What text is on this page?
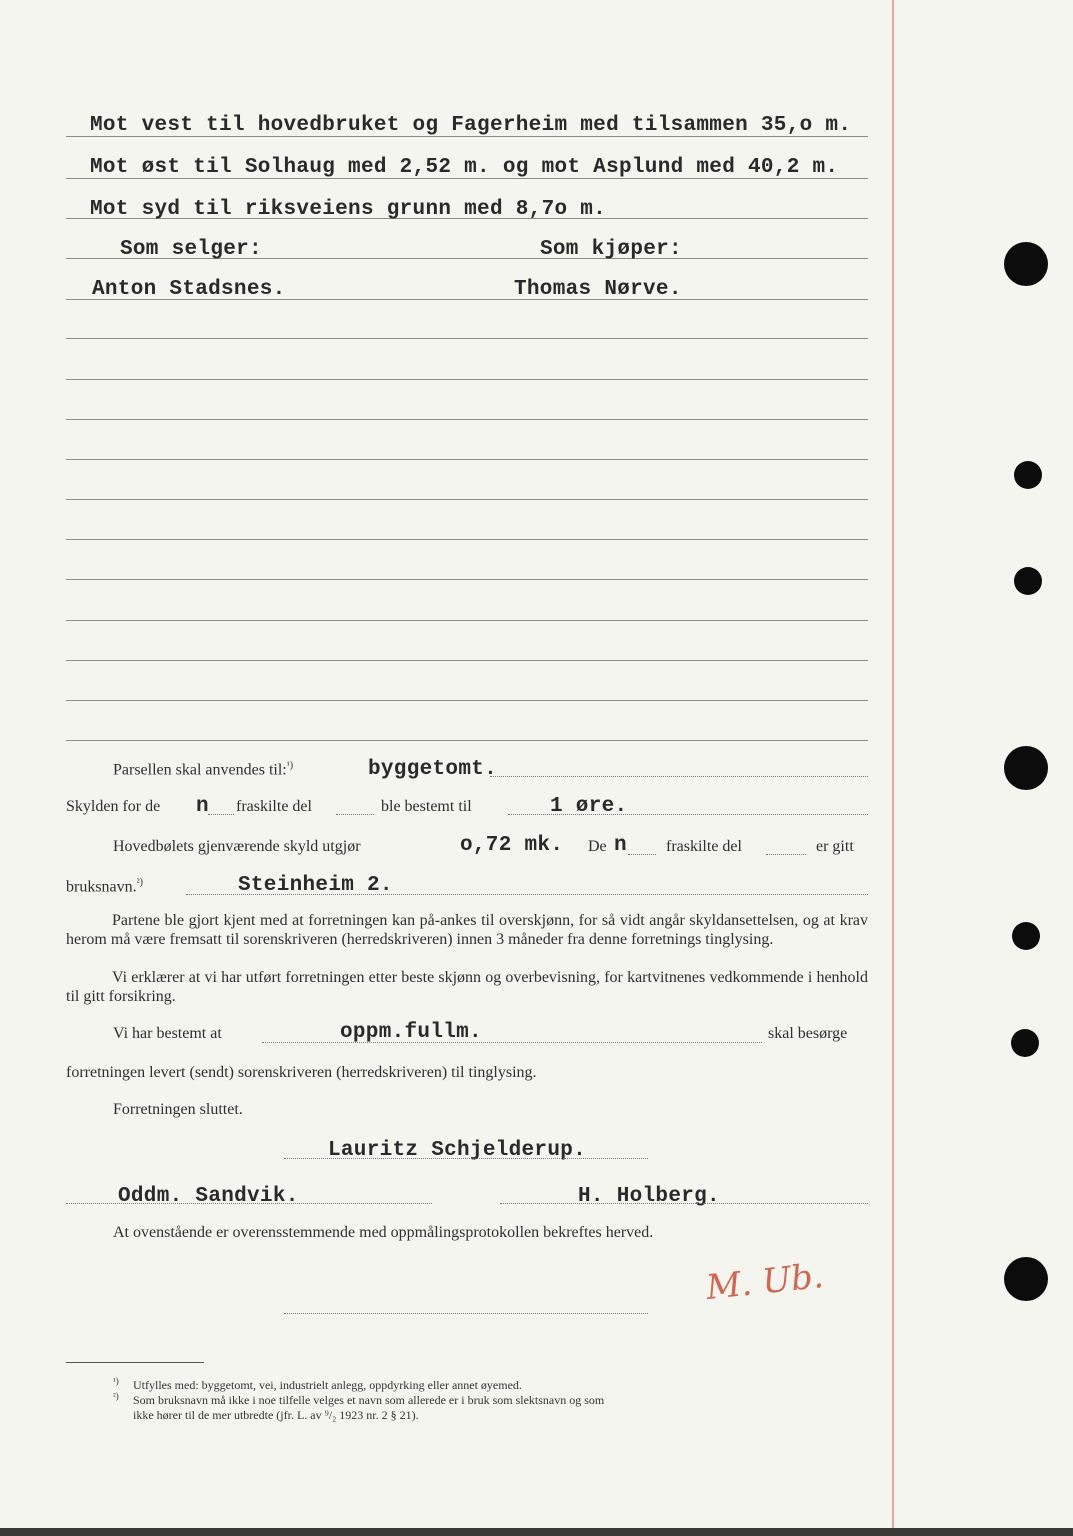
Mot vest til hovedbruket og Fagerheim med tilsammen 35,o m.
Mot øst til Solhaug med 2,52 m. og mot Asplund med 40,2 m.
Mot syd til riksveiens grunn med 8,7o m.
Som selger:	Som kjøper:
Anton Stadsnes.	Thomas Nørve.
Parsellen skal anvendes til:$^{^1)}$	byggetomt.
Skylden for de n fraskilte del	ble bestemt til	1 øre.
Hovedbølets gjenværende skyld utgjør	o,72 mk. De n fraskilte del	er gitt
bruksnavn.$^{^2)}$	Steinheim 2.
Partene ble gjort kjent med at forretningen kan på-ankes til overskjønn, for så vidt angår skyldansettelsen, og at krav herom må være fremsatt til sorenskriveren (herredskriveren) innen 3 måneder fra denne forretnings tinglysing.
Vi erklærer at vi har utført forretningen etter beste skjønn og overbevisning, for kartvitnenes vedkommende i henhold til gitt forsikring.
Vi har bestemt at	oppm.fullm.	skal besørge
forretningen levert (sendt) sorenskriveren (herredskriveren) til tinglysing.
Forretningen sluttet.
Lauritz Schjelderup.
Oddm. Sandvik.	H. Holberg.
At ovenstående er overensstemmende med oppmålingsprotokollen bekreftes herved.
M. Ub.
¹) Utfylles med: byggetomt, vei, industrielt anlegg, oppdyrking eller annet øyemed.
²) Som bruksnavn må ikke i noe tilfelle velges et navn som allerede er i bruk som slektsnavn og som
ikke hører til de mer utbredte (jfr. L. av ⁹/₂ 1923 nr. 2 § 21).
